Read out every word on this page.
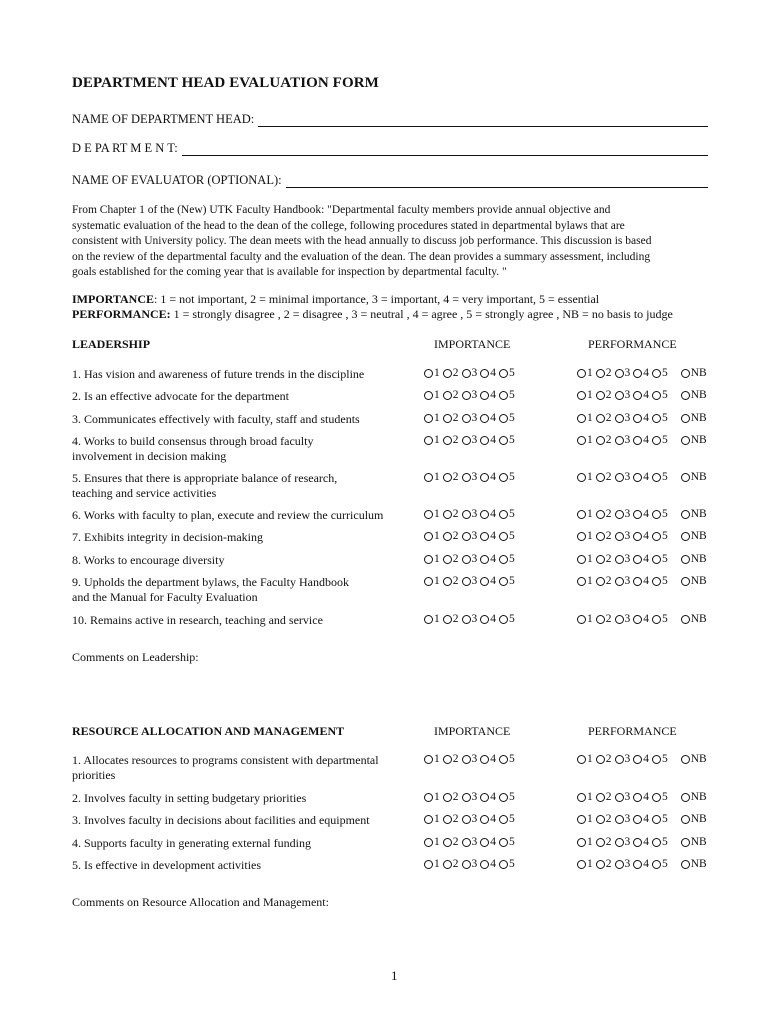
DEPARTMENT HEAD EVALUATION FORM
NAME OF DEPARTMENT HEAD:
D E PA RT M E N T:
NAME OF EVALUATOR (OPTIONAL):
From Chapter 1 of the (New) UTK Faculty Handbook: "Departmental faculty members provide annual objective and
systematic evaluation of the head to the dean of the college, following procedures stated in departmental bylaws that are
consistent with University policy. The dean meets with the head annually to discuss job performance. This discussion is based
on the review of the departmental faculty and the evaluation of the dean. The dean provides a summary assessment, including
goals established for the coming year that is available for inspection by departmental faculty. "
IMPORTANCE: 1 = not important, 2 = minimal importance, 3 = important, 4 = very important, 5 = essential
PERFORMANCE: 1 = strongly disagree , 2 = disagree , 3 = neutral , 4 = agree , 5 = strongly agree , NB = no basis to judge
LEADERSHIP	IMPORTANCE	PERFORMANCE
1. Has vision and awareness of future trends in the discipline	1 2 3 4 5	1 2 3 4 5 NB
2. Is an effective advocate for the department	1 2 3 4 5	1 2 3 4 5 NB
3. Communicates effectively with faculty, staff and students	1 2 3 4 5	1 2 3 4 5 NB
4. Works to build consensus through broad faculty
involvement in decision making
1 2 3 4 5	1 2 3 4 5 NB
5. Ensures that there is appropriate balance of research,
teaching and service activities
1 2 3 4 5	1 2 3 4 5 NB
6. Works with faculty to plan, execute and review the curriculum	1 2 3 4 5	1 2 3 4 5 NB
7. Exhibits integrity in decision-making	1 2 3 4 5	1 2 3 4 5 NB
8. Works to encourage diversity	1 2 3 4 5	1 2 3 4 5 NB
9. Upholds the department bylaws, the Faculty Handbook
and the Manual for Faculty Evaluation
1 2 3 4 5	1 2 3 4 5 NB
10. Remains active in research, teaching and service	1 2 3 4 5	1 2 3 4 5 NB
Comments on Leadership:
RESOURCE ALLOCATION AND MANAGEMENT	IMPORTANCE	PERFORMANCE
1. Allocates resources to programs consistent with departmental
priorities
1 2 3 4 5	1 2 3 4 5 NB
2. Involves faculty in setting budgetary priorities	1 2 3 4 5	1 2 3 4 5 NB
3. Involves faculty in decisions about facilities and equipment	1 2 3 4 5	1 2 3 4 5 NB
4. Supports faculty in generating external funding	1 2 3 4 5	1 2 3 4 5 NB
5. Is effective in development activities	1 2 3 4 5	1 2 3 4 5 NB
Comments on Resource Allocation and Management:
1
